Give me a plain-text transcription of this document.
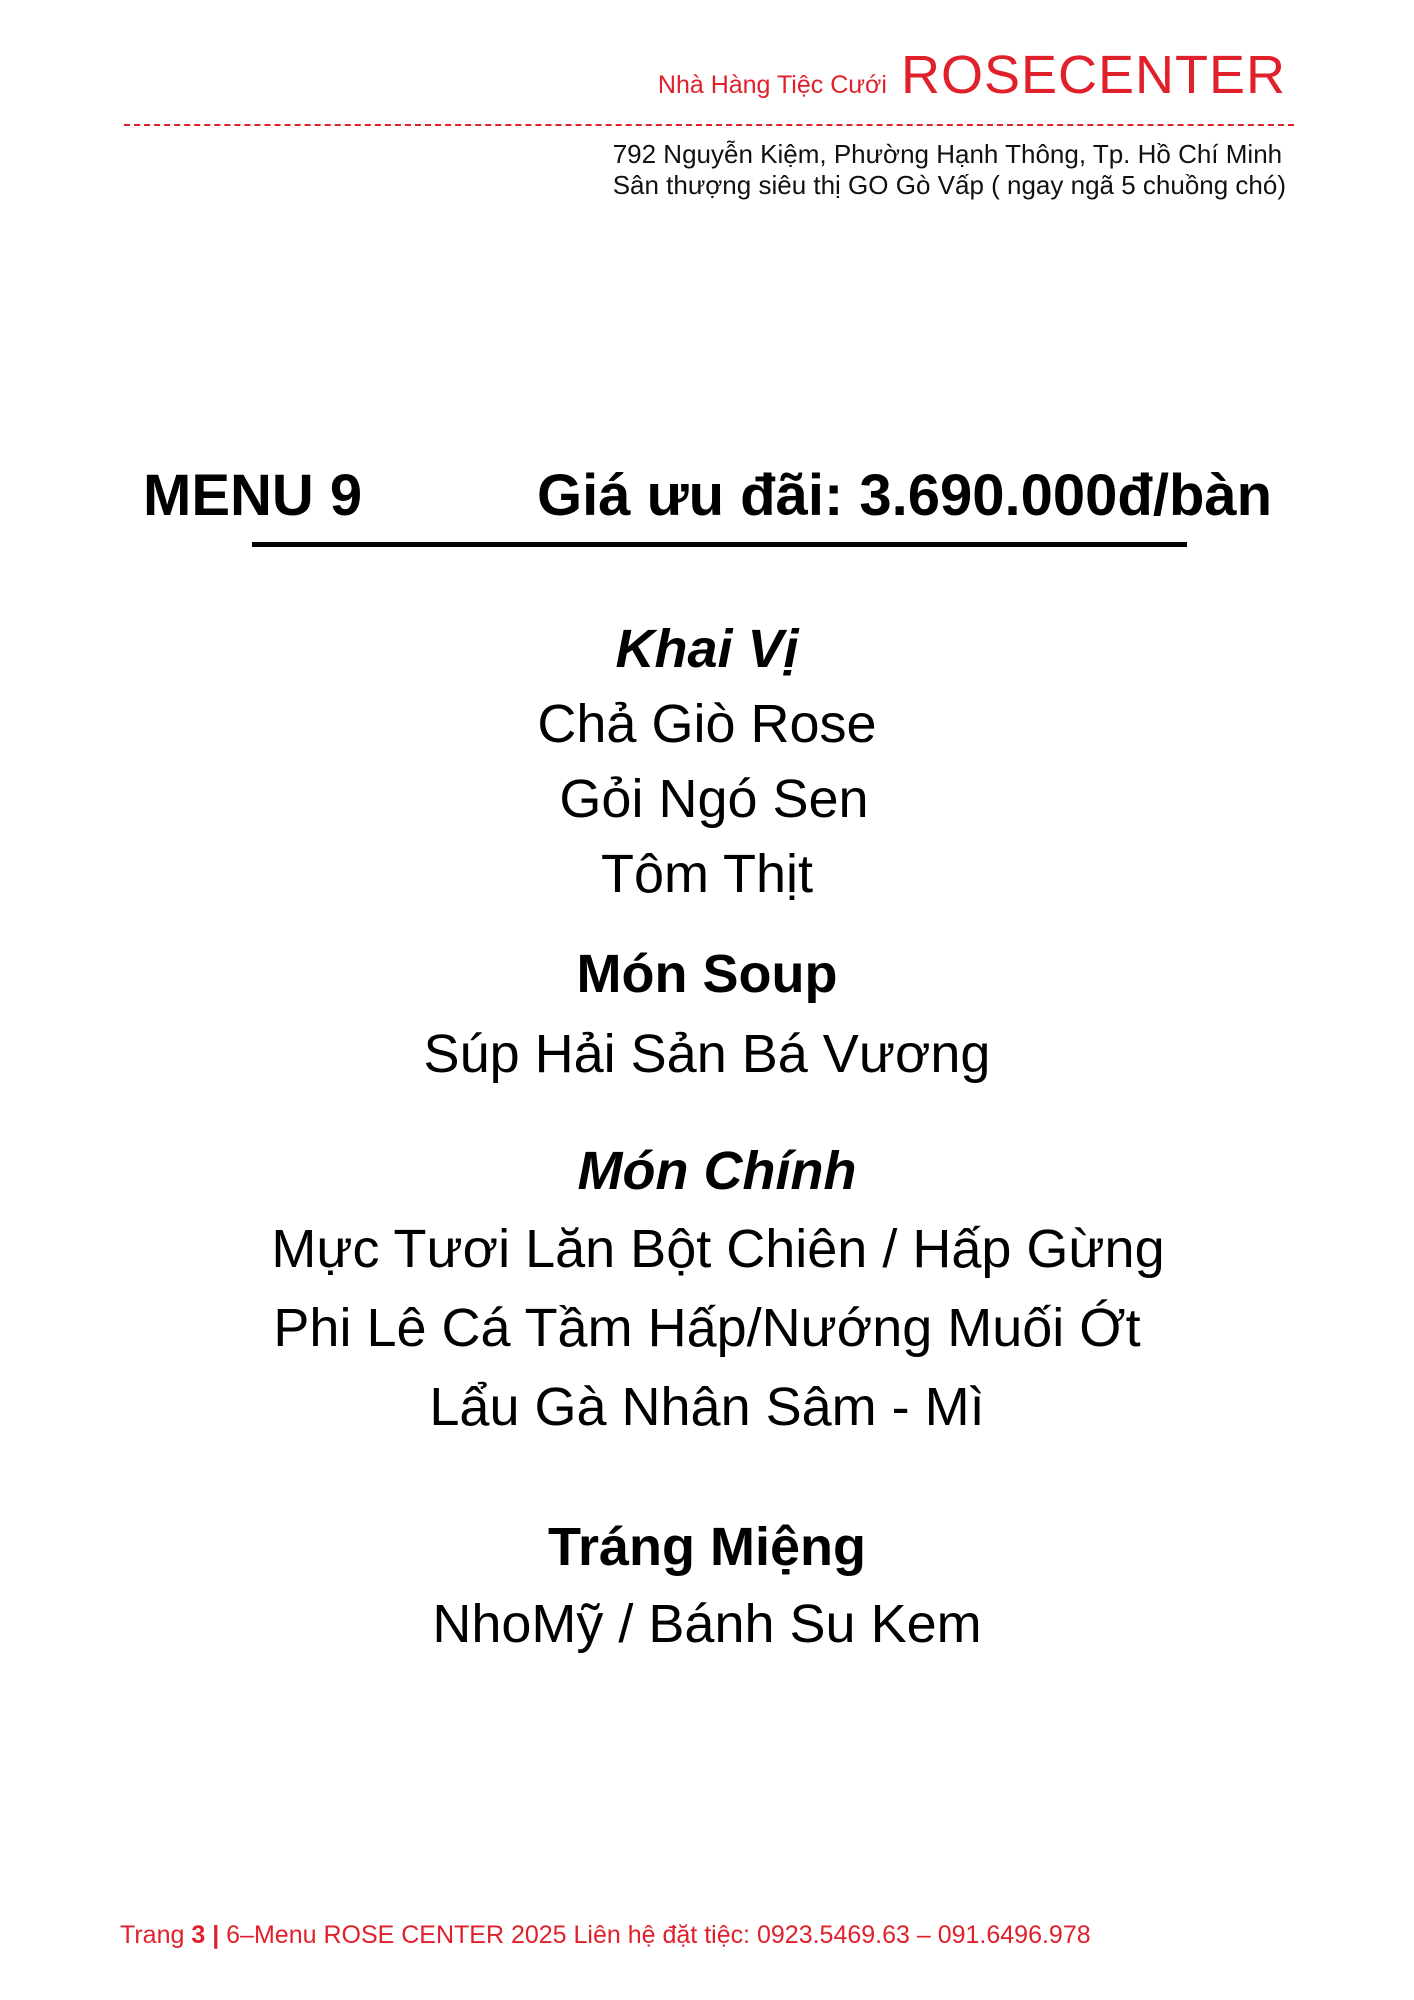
Nhà Hàng Tiệc Cưới ROSECENTER
792 Nguyễn Kiệm, Phường Hạnh Thông, Tp. Hồ Chí Minh
Sân thượng siêu thị GO Gò Vấp ( ngay ngã 5 chuồng chó)
MENU 9	Giá ưu đãi: 3.690.000đ/bàn
Khai Vị
Chả Giò Rose
Gỏi Ngó Sen
Tôm Thịt
Món Soup
Súp Hải Sản Bá Vương
Món Chính
Mực Tươi Lăn Bột Chiên / Hấp Gừng
Phi Lê Cá Tầm Hấp/Nướng Muối Ớt
Lẩu Gà Nhân Sâm - Mì
Tráng Miệng
NhoMỹ / Bánh Su Kem
Trang 3 | 6–Menu ROSE CENTER 2025 Liên hệ đặt tiệc: 0923.5469.63 – 091.6496.978
